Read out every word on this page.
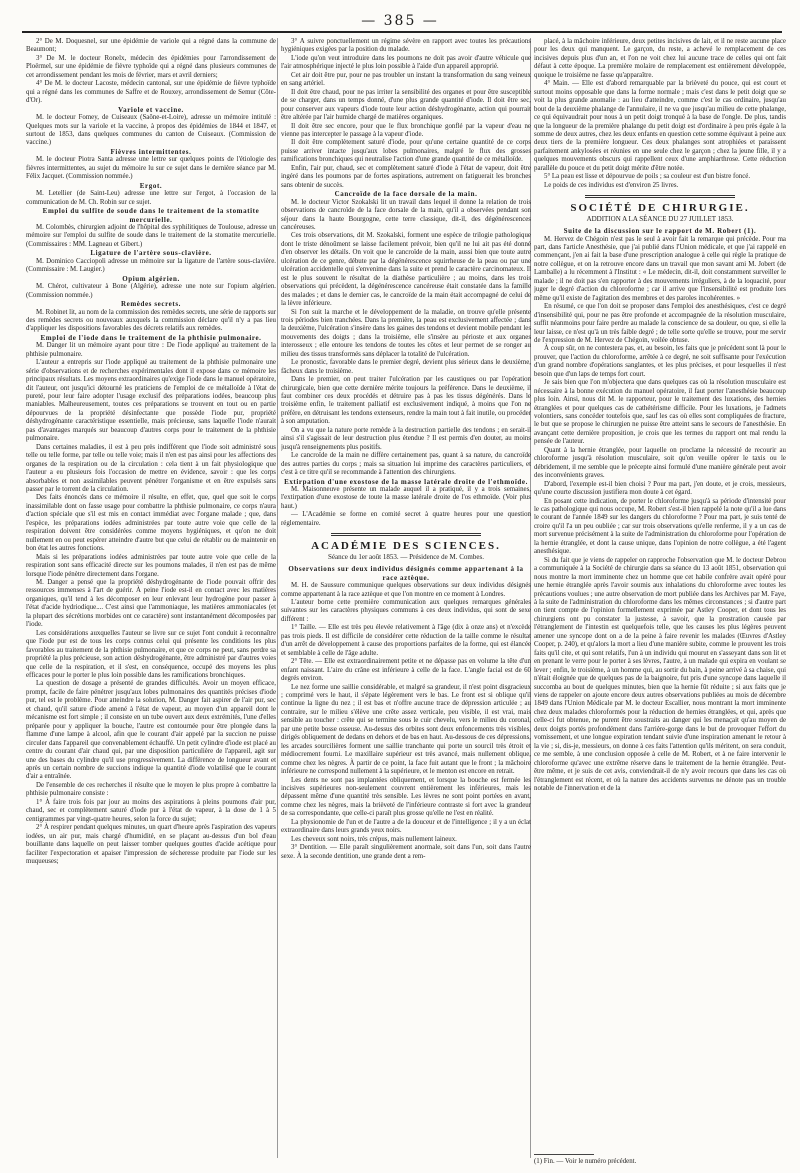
— 385 —

2° De M. Doquesnel, sur une épidémie de variole qui a régné dans la commune de Beaumont;

3° De M. le docteur Ronelx, médecin des épidémies pour l'arrondissement de Ploërmel, sur une épidémie de fièvre typhoïde qui a régné dans plusieurs communes de cet arrondissement pendant les mois de février, mars et avril derniers;

4° De M. le docteur Lacoste, médecin cantonal, sur une épidémie de fièvre typhoïde qui a régné dans les communes de Saffre et de Rouxey, arrondissement de Semur (Côte-d'Or).

Variole et vaccine.

M. le docteur Fomey, de Cuiseaux (Saône-et-Loire), adresse un mémoire intitulé : Quelques mots sur la variole et la vaccine, à propos des épidémies de 1844 et 1847, et surtout de 1853, dans quelques communes du canton de Cuiseaux. (Commission de vaccine.)

Fièvres intermittentes.

M. le docteur Piotra Santa adresse une lettre sur quelques points de l'étiologie des fièvres intermittentes, au sujet du mémoire lu sur ce sujet dans le dernière séance par M. Félix Jacquet. (Commission nommée.)

Ergot.

M. Letellier (de Saint-Leu) adresse une lettre sur l'ergot, à l'occasion de la communication de M. Ch. Robin sur ce sujet.

Emploi du sulfite de soude dans le traitement de la stomatite mercurielle.

M. Colombès, chirurgien adjoint de l'hôpital des syphilitiques de Toulouse, adresse un mémoire sur l'emploi du sulfite de soude dans le traitement de la stomatite mercurielle. (Commissaires : MM. Lagneau et Gibert.)

Ligature de l'artère sous-clavière.

M. Dominico Cacciopoli adresse un mémoire sur la ligature de l'artère sous-clavière. (Commissaire : M. Laugier.)

Opium algérien.

M. Chérot, cultivateur à Bone (Algérie), adresse une note sur l'opium algérien. (Commission nommée.)

Remèdes secrets.

M. Robinet lit, au nom de la commission des remèdes secrets, une série de rapports sur des remèdes secrets ou nouveaux auxquels la commission déclare qu'il n'y a pas lieu d'appliquer les dispositions favorables des décrets relatifs aux remèdes.

Emploi de l'iode dans le traitement de la phthisie pulmonaire.

M. Danger lit un mémoire ayant pour titre : De l'iode appliqué au traitement de la phthisie pulmonaire.

L'auteur a entrepris sur l'iode appliqué au traitement de la phthisie pulmonaire une série d'observations et de recherches expérimentales dont il expose dans ce mémoire les principaux résultats. Les moyens extraordinaires qu'exige l'iode dans le manuel opératoire, dit l'auteur, ont jusqu'ici détourné les praticiens de l'emploi de ce métalloïde à l'état de pureté, pour leur faire adopter l'usage exclusif des préparations iodées, beaucoup plus maniables. Malheureusement, toutes ces préparations se trouvent en tout ou en partie dépourvues de la propriété désinfectante que possède l'iode pur, propriété déshydrogénante caractéristique essentielle, mais précieuse, sans laquelle l'iode n'aurait pas d'avantages marqués sur beaucoup d'autres corps pour le traitement de la phthisie pulmonaire.

Dans certaines maladies, il est à peu près indifférent que l'iode soit administré sous telle ou telle forme, par telle ou telle voie; mais il n'en est pas ainsi pour les affections des organes de la respiration ou de la circulation : cela tient à un fait physiologique que l'auteur a eu plusieurs fois l'occasion de mettre en évidence, savoir : que les corps absorbables et non assimilables peuvent pénétrer l'organisme et en être expulsés sans passer par le torrent de la circulation.

Des faits énoncés dans ce mémoire il résulte, en effet, que, quel que soit le corps inassimilable dont on fasse usage pour combattre la phthisie pulmonaire, ce corps n'aura d'action spéciale que s'il est mis en contact immédiat avec l'organe malade ; que, dans l'espèce, les préparations iodées administrées par toute autre voie que celle de la respiration doivent être considérées comme moyens hygiéniques, et qu'on ne doit nullement en ou peut espérer atteindre d'autre but que celui de rétablir ou de maintenir en bon état les autres fonctions.

Mais si les préparations iodées administrées par toute autre voie que celle de la respiration sont sans efficacité directe sur les poumons malades, il n'en est pas de même lorsque l'iode pénètre directement dans l'organe.

M. Danger a pensé que la propriété déshydrogénante de l'iode pouvait offrir des ressources immenses à l'art de guérir. À peine l'iode est-il en contact avec les matières organiques, qu'il tend à les décomposer en leur enlevant leur hydrogène pour passer à l'état d'acide hydriodique.... C'est ainsi que l'ammoniaque, les matières ammoniacales (et la plupart des sécrétions morbides ont ce caractère) sont instantanément décomposées par l'iode.

Les considérations auxquelles l'auteur se livre sur ce sujet l'ont conduit à reconnaître que l'iode pur est de tous les corps connus celui qui présente les conditions les plus favorables au traitement de la phthisie pulmonaire, et que ce corps ne peut, sans perdre sa propriété la plus précieuse, son action déshydrogénante, être administré par d'autres voies que celle de la respiration, et il s'est, en conséquence, occupé des moyens les plus efficaces pour le porter le plus loin possible dans les ramifications bronchiques.

La question de dosage a présenté de grandes difficultés. Avoir un moyen efficace, prompt, facile de faire pénétrer jusqu'aux lobes pulmonaires des quantités précises d'iode pur, tel est le problème. Pour atteindre la solution, M. Danger fait aspirer de l'air pur, sec et chaud, qu'il sature d'iode amené à l'état de vapeur, au moyen d'un appareil dont le mécanisme est fort simple ; il consiste en un tube ouvert aux deux extrémités, l'une d'elles préparée pour y appliquer la bouche, l'autre est contournée pour être plongée dans la flamme d'une lampe à alcool, afin que le courant d'air appelé par la succion ne puisse circuler dans l'appareil que convenablement échauffé. Un petit cylindre d'iode est placé au centre du courant d'air chaud qui, par une disposition particulière de l'appareil, agit sur une des bases du cylindre qu'il use progressivement. La différence de longueur avant et après un certain nombre de succions indique la quantité d'iode volatilisé que le courant d'air a entraînée.

De l'ensemble de ces recherches il résulte que le moyen le plus propre à combattre la phthisie pulmonaire consiste :

1° À faire trois fois par jour au moins des aspirations à pleins poumons d'air pur, chaud, sec et complètement saturé d'iode pur à l'état de vapeur, à la dose de 1 à 5 centigrammes par vingt-quatre heures, selon la force du sujet;

2° À respirer pendant quelques minutes, un quart d'heure après l'aspiration des vapeurs iodées, un air pur, mais chargé d'humidité, en se plaçant au-dessus d'un bol d'eau bouillante dans laquelle on peut laisser tomber quelques gouttes d'acide acétique pour faciliter l'expectoration et apaiser l'impression de sécheresse produite par l'iode sur les muqueuses;

3° À suivre ponctuellement un régime sévère en rapport avec toutes les précautions hygiéniques exigées par la position du malade.

L'iode qu'on veut introduire dans les poumons ne doit pas avoir d'autre véhicule que l'air atmosphérique injecté le plus loin possible à l'aide d'un appareil approprié.

Cet air doit être pur, pour ne pas troubler un instant la transformation du sang veineux en sang artériel.

Il doit être chaud, pour ne pas irriter la sensibilité des organes et pour être susceptible de se charger, dans un temps donné, d'une plus grande quantité d'iode. Il doit être sec, pour conserver aux vapeurs d'iode toute leur action déshydrogénante, action qui pourrait être altérée par l'air humide chargé de matières organiques.

Il doit être sec encore, pour que le flux bronchique gonflé par la vapeur d'eau ne vienne pas intercepter le passage à la vapeur d'iode.

Il doit être complètement saturé d'iode, pour qu'une certaine quantité de ce corps puisse arriver intacte jusqu'aux lobes pulmonaires, malgré le flux des grosses ramifications bronchiques qui neutralise l'action d'une grande quantité de ce métalloïde.

Enfin, l'air pur, chaud, sec et complètement saturé d'iode à l'état de vapeur, doit être ingéré dans les poumons par de fortes aspirations, autrement on fatiguerait les bronches sans obtenir de succès.

Cancroïde de la face dorsale de la main.

M. le docteur Victor Szokalski lit un travail dans lequel il donne la relation de trois observations de cancroïde de la face dorsale de la main, qu'il a observées pendant son séjour dans la haute Bourgogne, cette terre classique, dit-il, des dégénérescences cancéreuses.

Ces trois observations, dit M. Szokalski, forment une espèce de trilogie pathologique dont le triste dénoûment se laisse facilement prévoir, bien qu'il ne lui ait pas été donné d'en observer les détails. On voit que le cancroïde de la main, aussi bien que toute autre ulcération de ce genre, débute par la dégénérescence squirrheuse de la peau ou par une ulcération accidentelle qui s'envenime dans la suite et prend le caractère carcinomateux. Il est le plus souvent le résultat de la diathèse particulière ; au moins, dans les trois observations qui précèdent, la dégénérescence cancéreuse était constatée dans la famille des malades ; et dans le dernier cas, le cancroïde de la main était accompagné de celui de la lèvre inférieure.

Si l'on suit la marche et le développement de la maladie, on trouve qu'elle présente trois périodes bien tranchées. Dans la première, la peau est exclusivement affectée ; dans la deuxième, l'ulcération s'insère dans les gaines des tendons et devient mobile pendant les mouvements des doigts ; dans la troisième, elle s'insère au périoste et aux organes interosseux ; elle entoure les tendons de toutes les côtes et leur permet de se ronger au milieu des tissus transformés sans déplacer la totalité de l'ulcération.

Le pronostic, favorable dans le premier degré, devient plus sérieux dans le deuxième, fâcheux dans le troisième.

Dans le premier, on peut traiter l'ulcération par les caustiques ou par l'opération chirurgicale, bien que cette dernière mérite toujours la préférence. Dans le deuxième, il faut combiner ces deux procédés et détruire pas à pas les tissus dégénérés. Dans le troisième enfin, le traitement palliatif est exclusivement indiqué, à moins que l'on ne préfère, en détruisant les tendons extenseurs, rendre la main tout à fait inutile, ou procéder à son amputation.

On a vu que la nature porte remède à la destruction partielle des tendons ; en serait-il ainsi s'il s'agissait de leur destruction plus étendue ? Il est permis d'en douter, au moins jusqu'à renseignements plus positifs.

Le cancroïde de la main ne diffère certainement pas, quant à sa nature, du cancroïde des autres parties du corps ; mais sa situation lui imprime des caractères particuliers, et c'est à ce titre qu'il se recommande à l'attention des chirurgiens.

Extirpation d'une exostose de la masse latérale droite de l'ethmoïde.

M. Maisonneuve présente un malade auquel il a pratiqué, il y a trois semaines, l'extirpation d'une exostose de toute la masse latérale droite de l'os ethmoïde. (Voir plus haut.)

— L'Académie se forme en comité secret à quatre heures pour une question réglementaire.

ACADÉMIE DES SCIENCES.
Séance du 1er août 1853. — Présidence de M. Combes.

Observations sur deux individus désignés comme appartenant à la race aztèque.

M. H. de Saussure communique quelques observations sur deux individus désignés comme appartenant à la race aztèque et que l'on montre en ce moment à Londres.

L'auteur borne cette première communication aux quelques remarques générales suivantes sur les caractères physiques communs à ces deux individus, qui sont de sexe différent :

1° Taille. — Elle est très peu élevée relativement à l'âge (dix à onze ans) et n'excède pas trois pieds. Il est difficile de considérer cette réduction de la taille comme le résultat d'un arrêt de développement à cause des proportions parfaites de la forme, qui est élancée et semblable à celle de l'âge adulte.

2° Tête. — Elle est extraordinairement petite et ne dépasse pas en volume la tête d'un enfant naissant. L'aire du crâne est inférieure à celle de la face. L'angle facial est de 60 degrés environ.

Le nez forme une saillie considérable, et malgré sa grandeur, il n'est point disgracieux ; comprimé vers le haut, il s'épate légèrement vers le bas. Le front est si oblique qu'il continue la ligne du nez ; il est bas et n'offre aucune trace de dépression articulée ; au contraire, sur le milieu s'élève une crête assez verticale, peu visible, il est vrai, mais sensible au toucher : crête qui se termine sous le cuir chevelu, vers le milieu du coronal, par une petite bosse osseuse. Au-dessus des orbites sont deux enfoncements très visibles, dirigés obliquement de dedans en dehors et de bas en haut. Au-dessous de ces dépressions, les arcades sourcilières forment une saillie tranchante qui porte un sourcil très étroit et médiocrement fourni. Le maxillaire supérieur est très avancé, mais nullement oblique, comme chez les nègres. À partir de ce point, la face fuit autant que le front ; la mâchoire inférieure ne correspond nullement à la supérieure, et le menton est encore en retrait.

Les dents ne sont pas implantées obliquement, et lorsque la bouche est fermée les incisives supérieures non-seulement couvrent entièrement les inférieures, mais les dépassent même d'une quantité très sensible. Les lèvres ne sont point portées en avant, comme chez les nègres, mais la brièveté de l'inférieure contraste si fort avec la grandeur de sa correspondante, que celle-ci paraît plus grosse qu'elle ne l'est en réalité.

La physionomie de l'un et de l'autre a de la douceur et de l'intelligence ; il y a un éclat extraordinaire dans leurs grands yeux noirs.

Les cheveux sont noirs, très crépus, mais nullement laineux.

3° Dentition. — Elle paraît singulièrement anormale, soit dans l'un, soit dans l'autre sexe. À la seconde dentition, une grande dent a rem-

placé, à la mâchoire inférieure, deux petites incisives de lait, et il ne reste aucune place pour les deux qui manquent. Le garçon, du reste, a achevé le remplacement de ces incisives depuis plus d'un an, et l'on ne voit chez lui aucune trace de celles qui ont fait défaut à cette époque. La première molaire de remplacement est entièrement développée, quoique le troisième ne fasse qu'apparaître.

4° Main. — Elle est d'abord remarquable par la brièveté du pouce, qui est court et surtout moins opposable que dans la forme normale ; mais c'est dans le petit doigt que se voit la plus grande anomalie : au lieu d'atteindre, comme c'est le cas ordinaire, jusqu'au bout de la deuxième phalange de l'annulaire, il ne va que jusqu'au milieu de cette phalange, ce qui équivaudrait pour nous à un petit doigt tronqué à la base de l'ongle. De plus, tandis que la longueur de la première phalange du petit doigt est d'ordinaire à peu près égale à la somme de deux autres, chez les deux enfants en question cette somme équivaut à peine aux deux tiers de la première longueur. Ces deux phalanges sont atrophiées et paraissent parfaitement ankylosées et réunies en une seule chez le garçon ; chez la jeune fille, il y a quelques mouvements obscurs qui rappellent ceux d'une amphiarthrose. Cette réduction parallèle du pouce et du petit doigt mérite d'être notée.

5° La peau est lisse et dépourvue de poils ; sa couleur est d'un bistre foncé.

Le poids de ces individus est d'environ 25 livres.

SOCIÉTÉ DE CHIRURGIE.
ADDITION A LA SÉANCE DU 27 JUILLET 1853.

Suite de la discussion sur le rapport de M. Robert (1).

M. Hervez de Chégoin n'est pas le seul à avoir fait la remarque qui précède. Pour ma part, dans l'article Anesthésie, que j'ai publié dans l'Union médicale, et que j'ai rappelé en commençant, j'en ai fait la base d'une prescription analogue à celle qui règle la pratique de notre collègue, et on la retrouve encore dans un travail que mon savant ami M. Jobert (de Lamballe) a lu récemment à l'Institut : « Le médecin, dit-il, doit constamment surveiller le malade ; il ne doit pas s'en rapporter à des mouvements irréguliers, à de la loquacité, pour juger le degré d'action du chloroforme ; car il arrive que l'insensibilité est produite lors même qu'il existe de l'agitation des membres et des paroles incohérentes. »

En résumé, ce que l'on doit se proposer dans l'emploi des anesthésiques, c'est ce degré d'insensibilité qui, pour ne pas être profonde et accompagnée de la résolution musculaire, suffit néanmoins pour faire perdre au malade la conscience de sa douleur, ou que, si elle la leur laisse, ce n'est qu'à un très faible degré ; de telle sorte qu'elle se trouve, pour me servir de l'expression de M. Hervez de Chégoin, voilée obtuse.

À coup sûr, on ne contestera pas, et, au besoin, les faits que je précédent sont là pour le prouver, que l'action du chloroforme, arrêtée à ce degré, ne soit suffisante pour l'exécution d'un grand nombre d'opérations sanglantes, et les plus précises, et pour lesquelles il n'est besoin que d'un laps de temps fort court.

Je sais bien que l'on m'objectera que dans quelques cas où la résolution musculaire est nécessaire à la bonne exécution du manuel opératoire, il faut porter l'anesthésie beaucoup plus loin. Ainsi, nous dit M. le rapporteur, pour le traitement des luxations, des hernies étranglées et pour quelques cas de cathétérisme difficile. Pour les luxations, je l'admets volontiers, sans concéder toutefois que, sauf les cas où elles sont compliquées de fracture, le but que se propose le chirurgien ne puisse être atteint sans le secours de l'anesthésie. En avançant cette dernière proposition, je crois que les termes du rapport ont mal rendu la pensée de l'auteur.

Quant à la hernie étranglée, pour laquelle on proclame la nécessité de recourir au chloroforme jusqu'à résolution musculaire, soit qu'on veuille opérer le taxis ou le débridement, il me semble que le précepte ainsi formulé d'une manière générale peut avoir des inconvénients graves.

D'abord, l'exemple est-il bien choisi ? Pour ma part, j'en doute, et je crois, messieurs, qu'une courte discussion justifiera mon doute à cet égard.

En posant cette indication, de porter le chloroforme jusqu'à sa période d'intensité pour le cas pathologique qui nous occupe, M. Robert s'est-il bien rappelé la note qu'il a lue dans le courant de l'année 1849 sur les dangers du chloroforme ? Pour ma part, je suis tenté de croire qu'il l'a un peu oubliée ; car sur trois observations qu'elle renferme, il y a un cas de mort survenue précisément à la suite de l'administration du chloroforme pour l'opération de la hernie étranglée, et dont la cause unique, dans l'opinion de notre collègue, a été l'agent anesthésique.

Si du fait que je viens de rappeler on rapproche l'observation que M. le docteur Debrou a communiquée à la Société de chirurgie dans sa séance du 13 août 1851, observation qui nous montre la mort imminente chez un homme que cet habile confrère avait opéré pour une hernie étranglée après l'avoir soumis aux inhalations du chloroforme avec toutes les précautions voulues ; une autre observation de mort publiée dans les Archives par M. Faye, à la suite de l'administration du chloroforme dans les mêmes circonstances ; si d'autre part on tient compte de l'opinion formellement exprimée par Astley Cooper, et dont tous les chirurgiens ont pu constater la justesse, à savoir, que la prostration causée par l'étranglement de l'intestin est quelquefois telle, que les causes les plus légères peuvent amener une syncope dont on a de la peine à faire revenir les malades (Œuvres d'Astley Cooper, p. 240), et qu'alors la mort a lieu d'une manière subite, comme le prouvent les trois faits qu'il cite, et qui sont relatifs, l'un à un individu qui mourut en s'asseyant dans son lit et en prenant le verre pour le porter à ses lèvres, l'autre, à un malade qui expira en voulant se lever ; enfin, le troisième, à un homme qui, au sortir du bain, à peine arrivé à sa chaise, qui n'était éloignée que de quelques pas de la baignoire, fut pris d'une syncope dans laquelle il succomba au bout de quelques minutes, bien que la hernie fût réduite ; si aux faits que je viens de rappeler on ajoute encore deux autres observations publiées au mois de décembre 1849 dans l'Union Médicale par M. le docteur Escallier, nous montrant la mort imminente chez deux malades chloroformés pour la réduction de hernies étranglées, et qui, après que celle-ci fut obtenue, ne purent être soustraits au danger qui les menaçait qu'au moyen de deux doigts portés profondément dans l'arrière-gorge dans le but de provoquer l'effort du vomissement, et une longue expiration tendant suivie d'une inspiration amenant le retour à la vie ; si, dis-je, messieurs, on donne à ces faits l'attention qu'ils méritent, on sera conduit, ce me semble, à une conclusion opposée à celle de M. Robert, et à ne faire intervenir le chloroforme qu'avec une extrême réserve dans le traitement de la hernie étranglée. Peut-être même, et je suis de cet avis, conviendrait-il de n'y avoir recours que dans les cas où l'étranglement est récent, et où la nature des accidents survenus ne dénote pas un trouble notable de l'innervation et de la

(1) Fin. — Voir le numéro précédent.
